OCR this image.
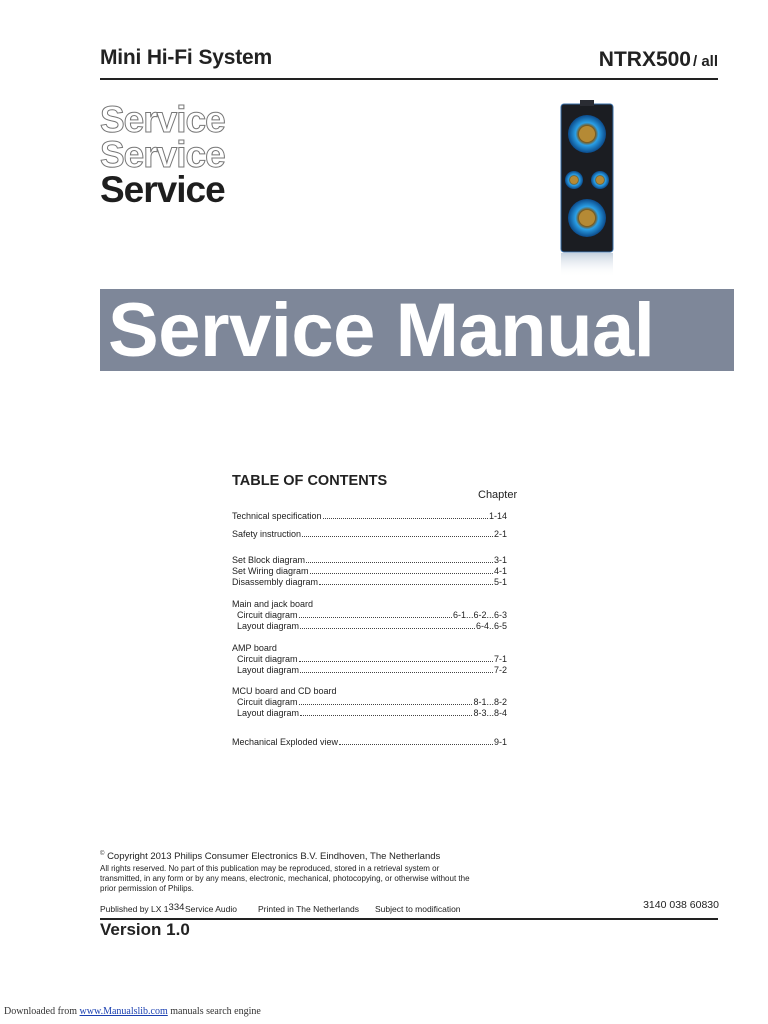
Mini Hi-Fi System	NTRX500 / all
Service
Service
Service
Service Manual
TABLE OF CONTENTS
Chapter
Technical specification	1-14
Safety instruction	2-1
Set Block diagram	3-1
Set Wiring diagram	4-1
Disassembly diagram	5-1
Main and jack board
Circuit diagram	6-1...6-2...6-3
Layout diagram	6-4..6-5
AMP board
Circuit diagram	7-1
Layout diagram	7-2
MCU board and CD board
Circuit diagram	8-1...8-2
Layout diagram	8-3...8-4
Mechanical Exploded view	9-1
© Copyright 2013 Philips Consumer Electronics B.V. Eindhoven, The Netherlands
All rights reserved. No part of this publication may be reproduced, stored in a retrieval system or transmitted, in any form or by any means, electronic, mechanical, photocopying, or otherwise without the prior permission of Philips.
Published by LX 1334 Service Audio Printed in The Netherlands Subject to modification	3140 038 60830
Version 1.0
Downloaded from www.Manualslib.com manuals search engine
